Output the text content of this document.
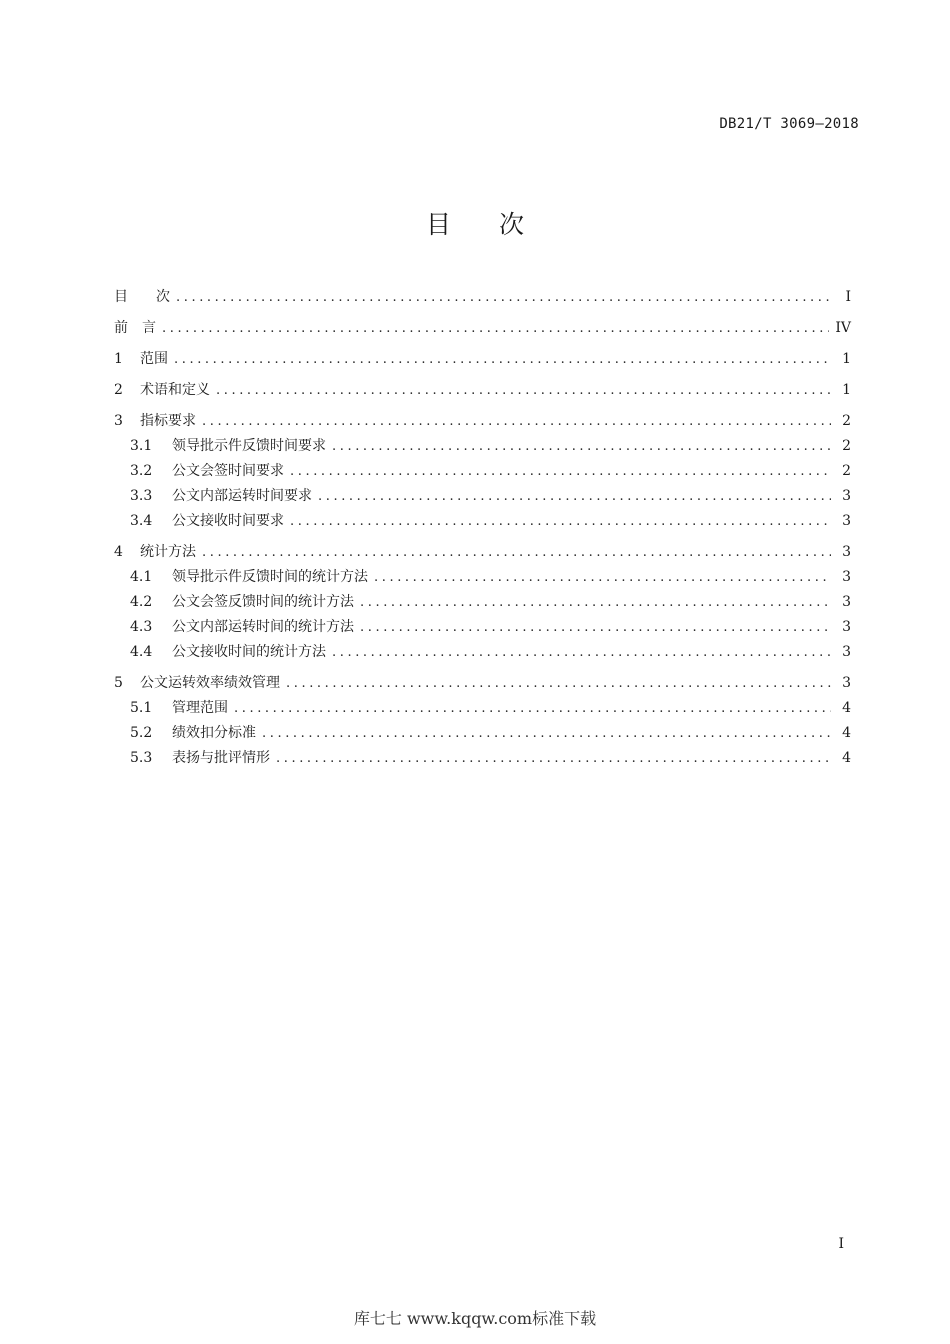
DB21/T 3069—2018
目 次
目　　次 .....	I
前　言 .....	IV
1	范围 .....	1
2	术语和定义 .....	1
3	指标要求 .....	2
3.1	领导批示件反馈时间要求 .....	2
3.2	公文会签时间要求 .....	2
3.3	公文内部运转时间要求 .....	3
3.4	公文接收时间要求 .....	3
4	统计方法 .....	3
4.1	领导批示件反馈时间的统计方法 .....	3
4.2	公文会签反馈时间的统计方法 .....	3
4.3	公文内部运转时间的统计方法 .....	3
4.4	公文接收时间的统计方法 .....	3
5	公文运转效率绩效管理 .....	3
5.1	管理范围 .....	4
5.2	绩效扣分标准 .....	4
5.3	表扬与批评情形 .....	4
I
库七七 www.kqqw.com标准下载
